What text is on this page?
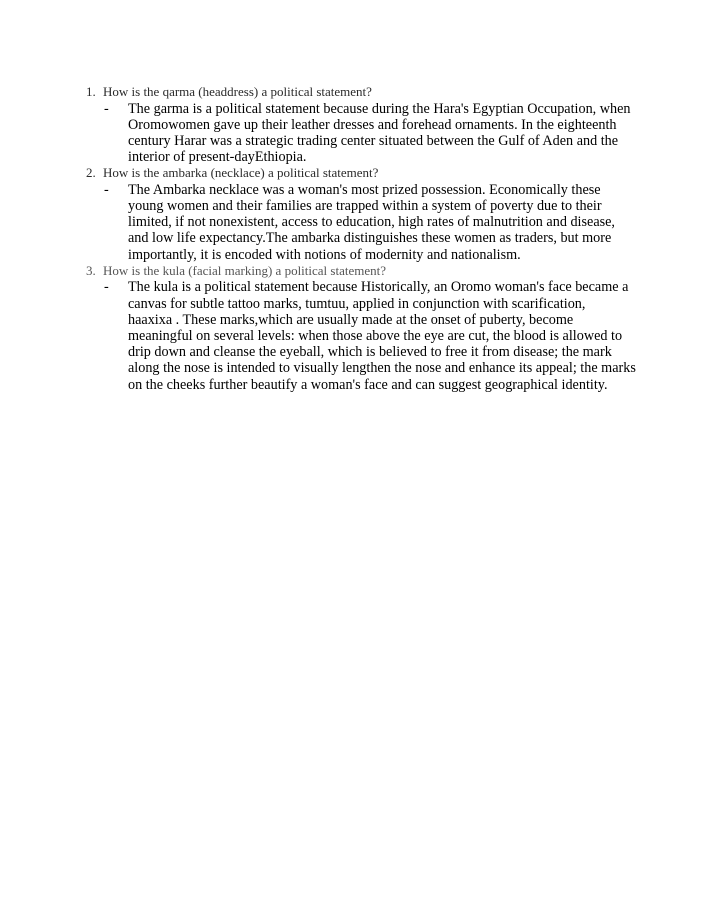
1. How is the qarma (headdress) a political statement?
-	The garma is a political statement because during the Hara's Egyptian Occupation, when
Oromowomen gave up their leather dresses and forehead ornaments. In the eighteenth
century Harar was a strategic trading center situated between the Gulf of Aden and the
interior of present-dayEthiopia.
2. How is the ambarka (necklace) a political statement?
-	The Ambarka necklace was a woman's most prized possession. Economically these
young women and their families are trapped within a system of poverty due to their
limited, if not nonexistent, access to education, high rates of malnutrition and disease,
and low life expectancy.The ambarka distinguishes these women as traders, but more
importantly, it is encoded with notions of modernity and nationalism.
3. How is the kula (facial marking) a political statement?
-	The kula is a political statement because Historically, an Oromo woman's face became a
canvas for subtle tattoo marks, tumtuu, applied in conjunction with scarification,
haaxixa . These marks,which are usually made at the onset of puberty, become
meaningful on several levels: when those above the eye are cut, the blood is allowed to
drip down and cleanse the eyeball, which is believed to free it from disease; the mark
along the nose is intended to visually lengthen the nose and enhance its appeal; the marks
on the cheeks further beautify a woman's face and can suggest geographical identity.
